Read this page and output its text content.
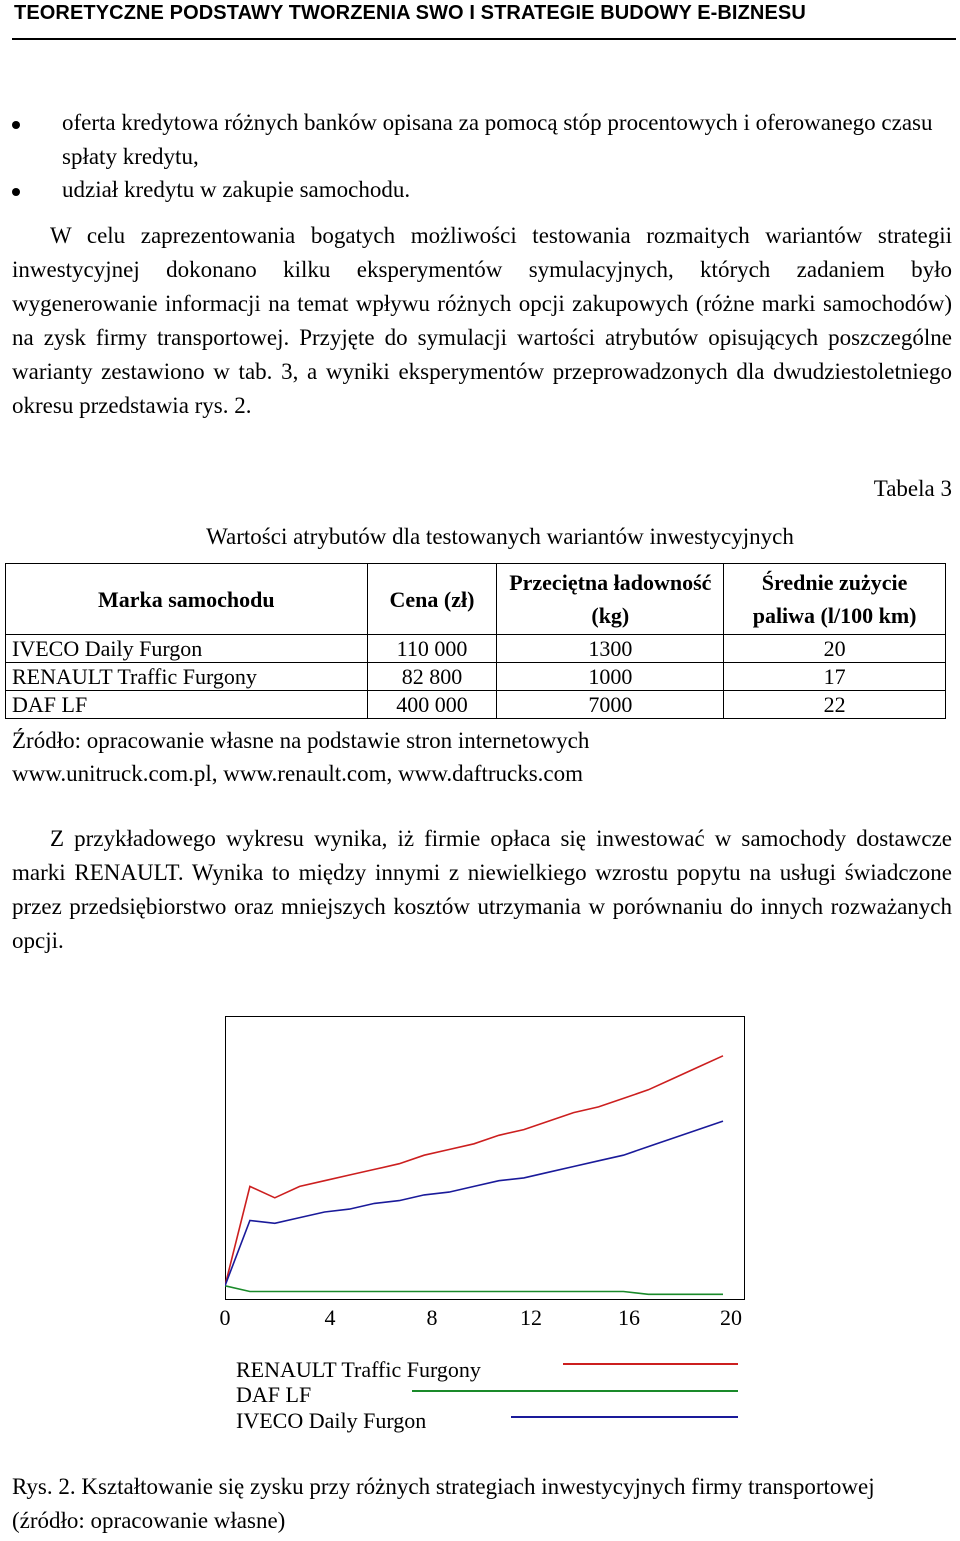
TEORETYCZNE PODSTAWY TWORZENIA SWO I STRATEGIE BUDOWY E-BIZNESU
oferta kredytowa różnych banków opisana za pomocą stóp procentowych i oferowanego czasu spłaty kredytu,
udział kredytu w zakupie samochodu.
W celu zaprezentowania bogatych możliwości testowania rozmaitych wariantów strategii inwestycyjnej dokonano kilku eksperymentów symulacyjnych, których zadaniem było wygenerowanie informacji na temat wpływu różnych opcji zakupowych (różne marki samochodów) na zysk firmy transportowej. Przyjęte do symulacji wartości atrybutów opisujących poszczególne warianty zestawiono w tab. 3, a wyniki eksperymentów przeprowadzonych dla dwudziestoletniego okresu przedstawia rys. 2.
Tabela 3
Wartości atrybutów dla testowanych wariantów inwestycyjnych
Marka samochodu	Cena (zł)	Przeciętna ładowność (kg)	Średnie zużycie paliwa (l/100 km)
IVECO Daily Furgon	110 000	1300	20
RENAULT Traffic Furgony	82 800	1000	17
DAF LF	400 000	7000	22
Źródło: opracowanie własne na podstawie stron internetowych
www.unitruck.com.pl, www.renault.com, www.daftrucks.com
Z przykładowego wykresu wynika, iż firmie opłaca się inwestować w samochody dostawcze marki RENAULT. Wynika to między innymi z niewielkiego wzrostu popytu na usługi świadczone przez przedsiębiorstwo oraz mniejszych kosztów utrzymania w porównaniu do innych rozważanych opcji.
0	4	8	12	16	20
RENAULT Traffic Furgony
DAF LF
IVECO Daily Furgon
Rys. 2. Kształtowanie się zysku przy różnych strategiach inwestycyjnych firmy transportowej (źródło: opracowanie własne)
